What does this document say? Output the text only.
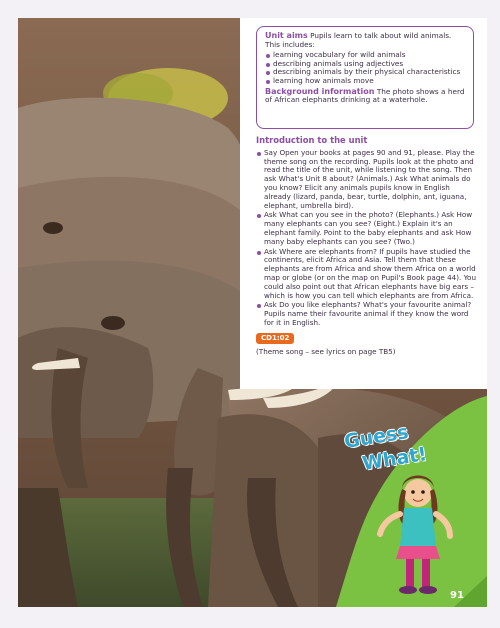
Unit aims Pupils learn to talk about wild animals. This includes:
learning vocabulary for wild animals
describing animals using adjectives
describing animals by their physical characteristics
learning how animals move
Background information The photo shows a herd of African elephants drinking at a waterhole.
Introduction to the unit
Say Open your books at pages 90 and 91, please. Play the theme song on the recording. Pupils look at the photo and read the title of the unit, while listening to the song. Then ask What's Unit 8 about? (Animals.) Ask What animals do you know? Elicit any animals pupils know in English already (lizard, panda, bear, turtle, dolphin, ant, iguana, elephant, umbrella bird).
Ask What can you see in the photo? (Elephants.) Ask How many elephants can you see? (Eight.) Explain it's an elephant family. Point to the baby elephants and ask How many baby elephants can you see? (Two.)
Ask Where are elephants from? If pupils have studied the continents, elicit Africa and Asia. Tell them that these elephants are from Africa and show them Africa on a world map or globe (or on the map on Pupil's Book page 44). You could also point out that African elephants have big ears – which is how you can tell which elephants are from Africa.
Ask Do you like elephants? What's your favourite animal? Pupils name their favourite animal if they know the word for it in English.
CD1:02
(Theme song – see lyrics on page TB5)
Guess
What!
91
